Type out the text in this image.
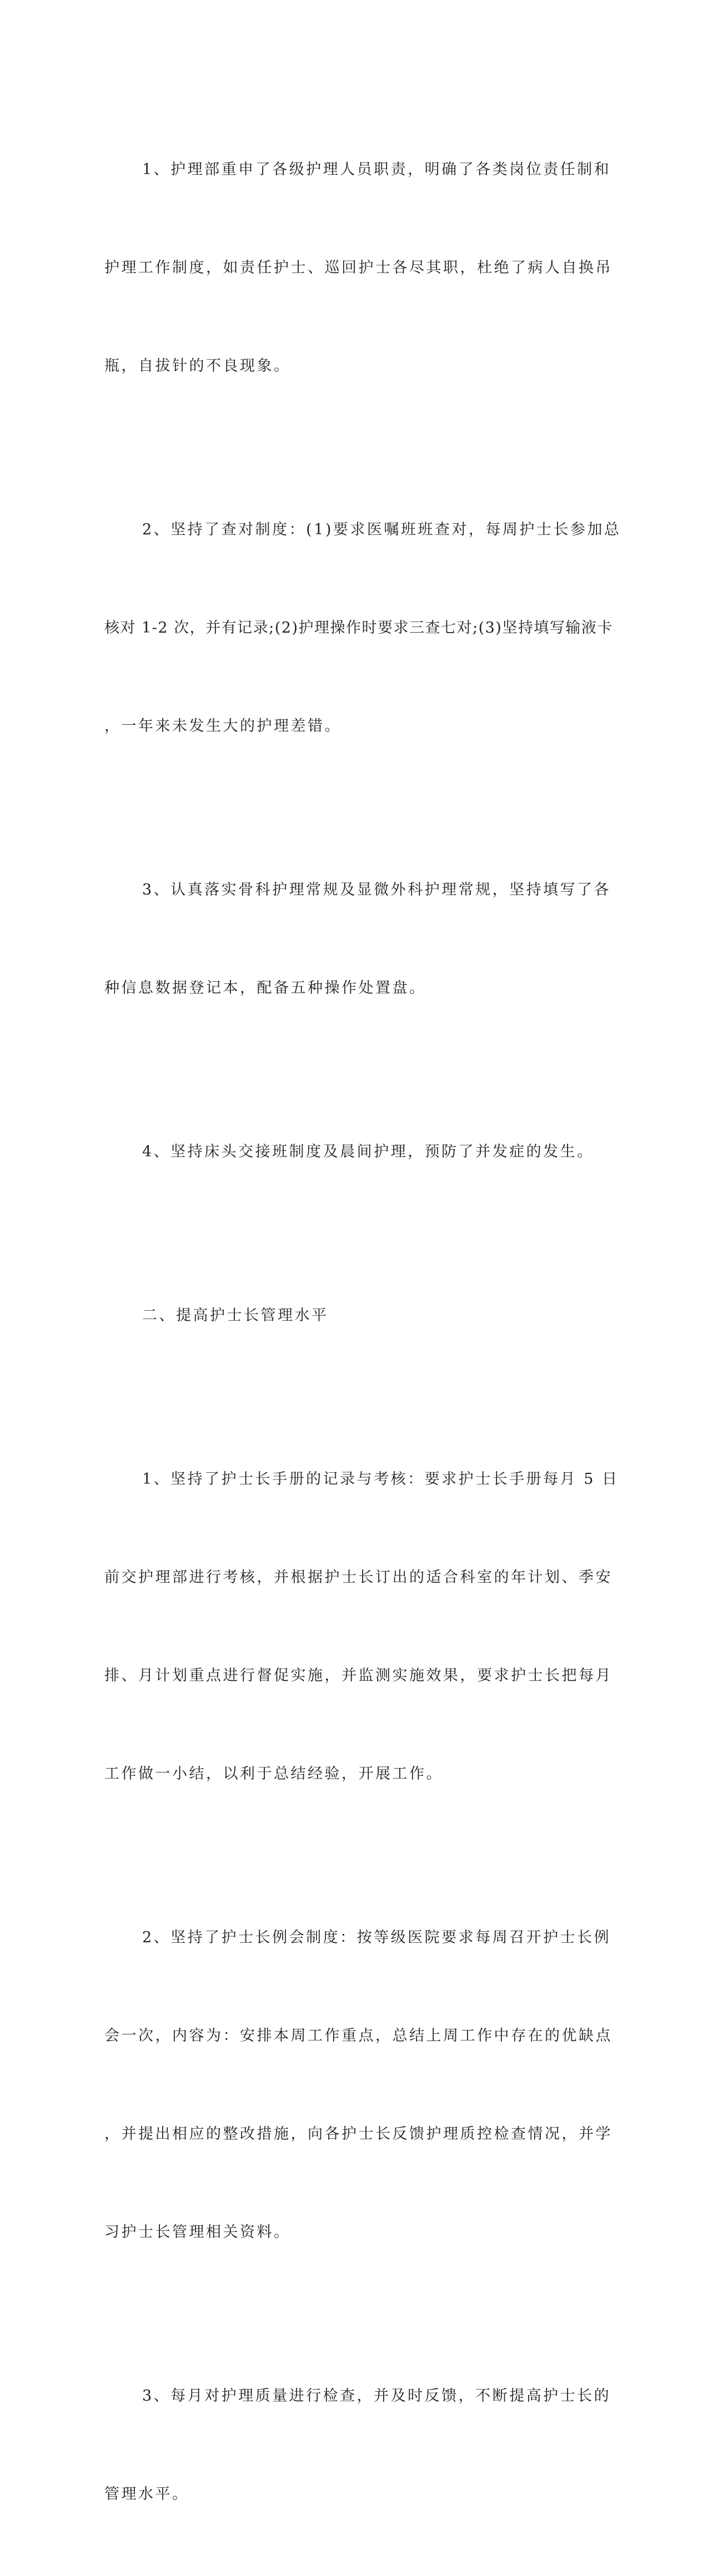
1、护理部重申了各级护理人员职责，明确了各类岗位责任制和

护理工作制度，如责任护士、巡回护士各尽其职，杜绝了病人自换吊

瓶，自拔针的不良现象。

2、坚持了查对制度：(1)要求医嘱班班查对，每周护士长参加总

核对 1-2 次，并有记录;(2)护理操作时要求三查七对;(3)坚持填写输液卡

，一年来未发生大的护理差错。

3、认真落实骨科护理常规及显微外科护理常规，坚持填写了各

种信息数据登记本，配备五种操作处置盘。

4、坚持床头交接班制度及晨间护理，预防了并发症的发生。

二、提高护士长管理水平

1、坚持了护士长手册的记录与考核：要求护士长手册每月 5 日

前交护理部进行考核，并根据护士长订出的适合科室的年计划、季安

排、月计划重点进行督促实施，并监测实施效果，要求护士长把每月

工作做一小结，以利于总结经验，开展工作。

2、坚持了护士长例会制度：按等级医院要求每周召开护士长例

会一次，内容为：安排本周工作重点，总结上周工作中存在的优缺点

，并提出相应的整改措施，向各护士长反馈护理质控检查情况，并学

习护士长管理相关资料。

3、每月对护理质量进行检查，并及时反馈，不断提高护士长的

管理水平。
